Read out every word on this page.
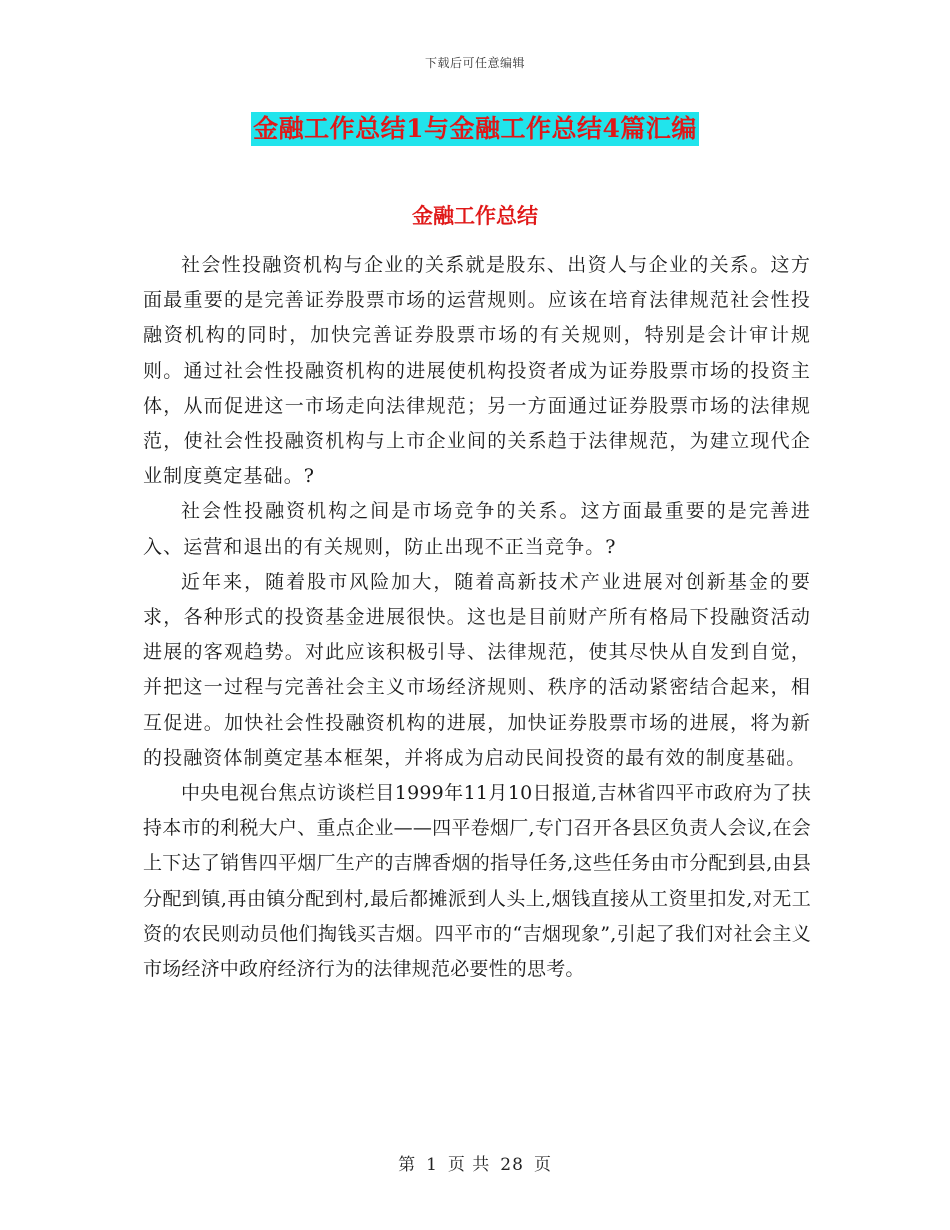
下载后可任意编辑
金融工作总结1与金融工作总结4篇汇编
金融工作总结

社会性投融资机构与企业的关系就是股东、出资人与企业的关系。这方面最重要的是完善证券股票市场的运营规则。应该在培育法律规范社会性投融资机构的同时，加快完善证券股票市场的有关规则，特别是会计审计规则。通过社会性投融资机构的进展使机构投资者成为证券股票市场的投资主体，从而促进这一市场走向法律规范；另一方面通过证券股票市场的法律规范，使社会性投融资机构与上市企业间的关系趋于法律规范，为建立现代企业制度奠定基础。?

社会性投融资机构之间是市场竞争的关系。这方面最重要的是完善进入、运营和退出的有关规则，防止出现不正当竞争。?

近年来，随着股市风险加大，随着高新技术产业进展对创新基金的要求，各种形式的投资基金进展很快。这也是目前财产所有格局下投融资活动进展的客观趋势。对此应该积极引导、法律规范，使其尽快从自发到自觉，并把这一过程与完善社会主义市场经济规则、秩序的活动紧密结合起来，相互促进。加快社会性投融资机构的进展，加快证券股票市场的进展，将为新的投融资体制奠定基本框架，并将成为启动民间投资的最有效的制度基础。

中央电视台焦点访谈栏目1999年11月10日报道,吉林省四平市政府为了扶持本市的利税大户、重点企业——四平卷烟厂,专门召开各县区负责人会议,在会上下达了销售四平烟厂生产的吉牌香烟的指导任务,这些任务由市分配到县,由县分配到镇,再由镇分配到村,最后都摊派到人头上,烟钱直接从工资里扣发,对无工资的农民则动员他们掏钱买吉烟。四平市的“吉烟现象”,引起了我们对社会主义市场经济中政府经济行为的法律规范必要性的思考。

第 1 页 共 28 页
